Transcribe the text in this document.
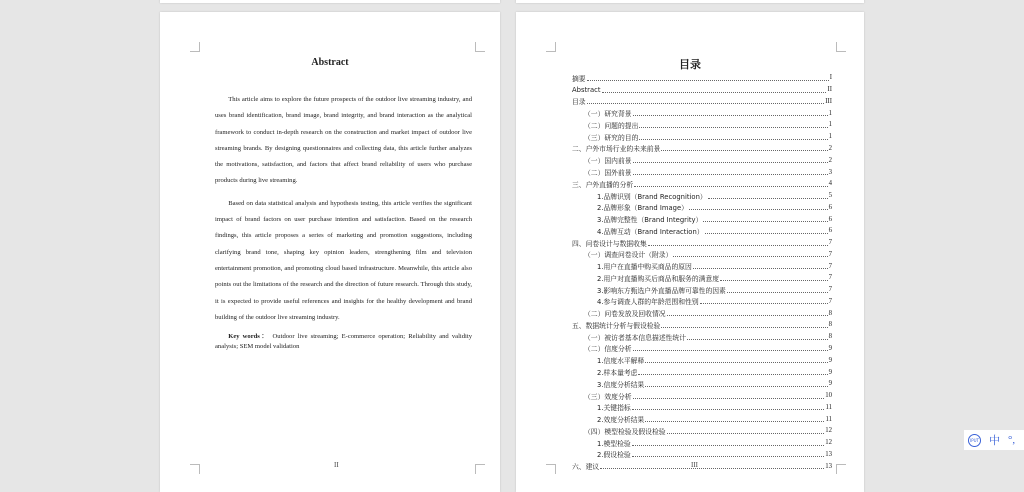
Abstract

This article aims to explore the future prospects of the outdoor live streaming industry, and uses brand identification, brand image, brand integrity, and brand interaction as the analytical framework to conduct in-depth research on the construction and market impact of outdoor live streaming brands. By designing questionnaires and collecting data, this article further analyzes the motivations, satisfaction, and factors that affect brand reliability of users who purchase products during live streaming.

Based on data statistical analysis and hypothesis testing, this article verifies the significant impact of brand factors on user purchase intention and satisfaction. Based on the research findings, this article proposes a series of marketing and promotion suggestions, including clarifying brand tone, shaping key opinion leaders, strengthening film and television entertainment promotion, and promoting cloud based infrastructure. Meanwhile, this article also points out the limitations of the research and the direction of future research. Through this study, it is expected to provide useful references and insights for the healthy development and brand building of the outdoor live streaming industry.

Key words： Outdoor live streaming; E-commerce operation; Reliability and validity analysis; SEM model validation

II
目录
摘要	I
Abstract	II
目录	III
（一）研究背景	1
（二）问题的提出	1
（三）研究的目的	1
二、户外市场行业的未来前景	2
（一）国内前景	2
（二）国外前景	3
三、户外直播的分析	4
1.品牌识别（Brand Recognition）	5
2.品牌形象（Brand Image）	6
3.品牌完整性（Brand Integrity）	6
4.品牌互动（Brand Interaction）	6
四、问卷设计与数据收集	7
（一）调查问卷设计（附录）	7
1.用户在直播中购买商品的原因	7
2.用户对直播购买后商品和服务的满意度	7
3.影响东方甄选户外直播品牌可靠性的因素	7
4.参与调查人群的年龄范围和性别	7
（二）问卷发放及回收情况	8
五、数据统计分析与假设检验	8
（一）被访者基本信息描述性统计	8
（二）信度分析	9
1.信度水平解释	9
2.样本量考虑	9
3.信度分析结果	9
（三）效度分析	10
1.关键指标	11
2.效度分析结果	11
（四）模型检验及假设检验	12
1.模型检验	12
2.假设检验	13
六、建议	13
III
IPUT 中 °,
